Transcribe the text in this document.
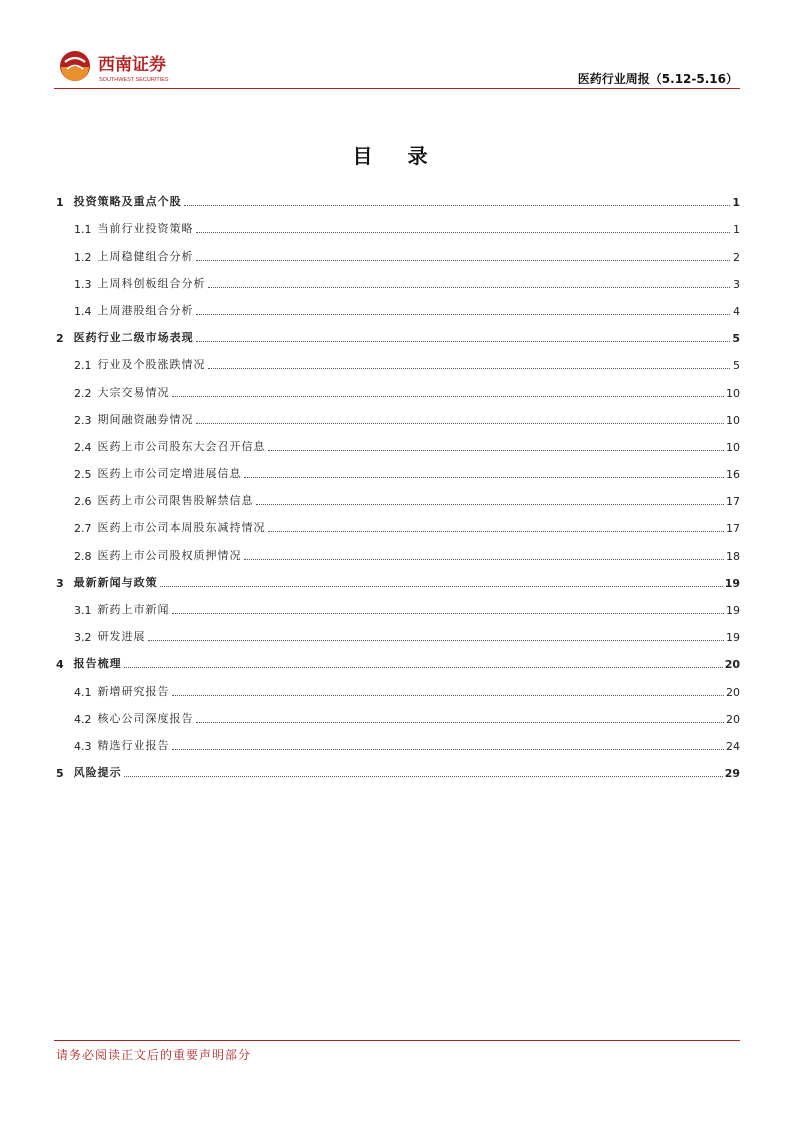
西南证券
SOUTHWEST SECURITIES	医药行业周报（5.12-5.16）
目 录
1 投资策略及重点个股	1
1.1 当前行业投资策略	1
1.2 上周稳健组合分析	2
1.3 上周科创板组合分析	3
1.4 上周港股组合分析	4
2 医药行业二级市场表现	5
2.1 行业及个股涨跌情况	5
2.2 大宗交易情况	10
2.3 期间融资融券情况	10
2.4 医药上市公司股东大会召开信息	10
2.5 医药上市公司定增进展信息	16
2.6 医药上市公司限售股解禁信息	17
2.7 医药上市公司本周股东减持情况	17
2.8 医药上市公司股权质押情况	18
3 最新新闻与政策	19
3.1 新药上市新闻	19
3.2 研发进展	19
4 报告梳理	20
4.1 新增研究报告	20
4.2 核心公司深度报告	20
4.3 精选行业报告	24
5 风险提示	29
请务必阅读正文后的重要声明部分
